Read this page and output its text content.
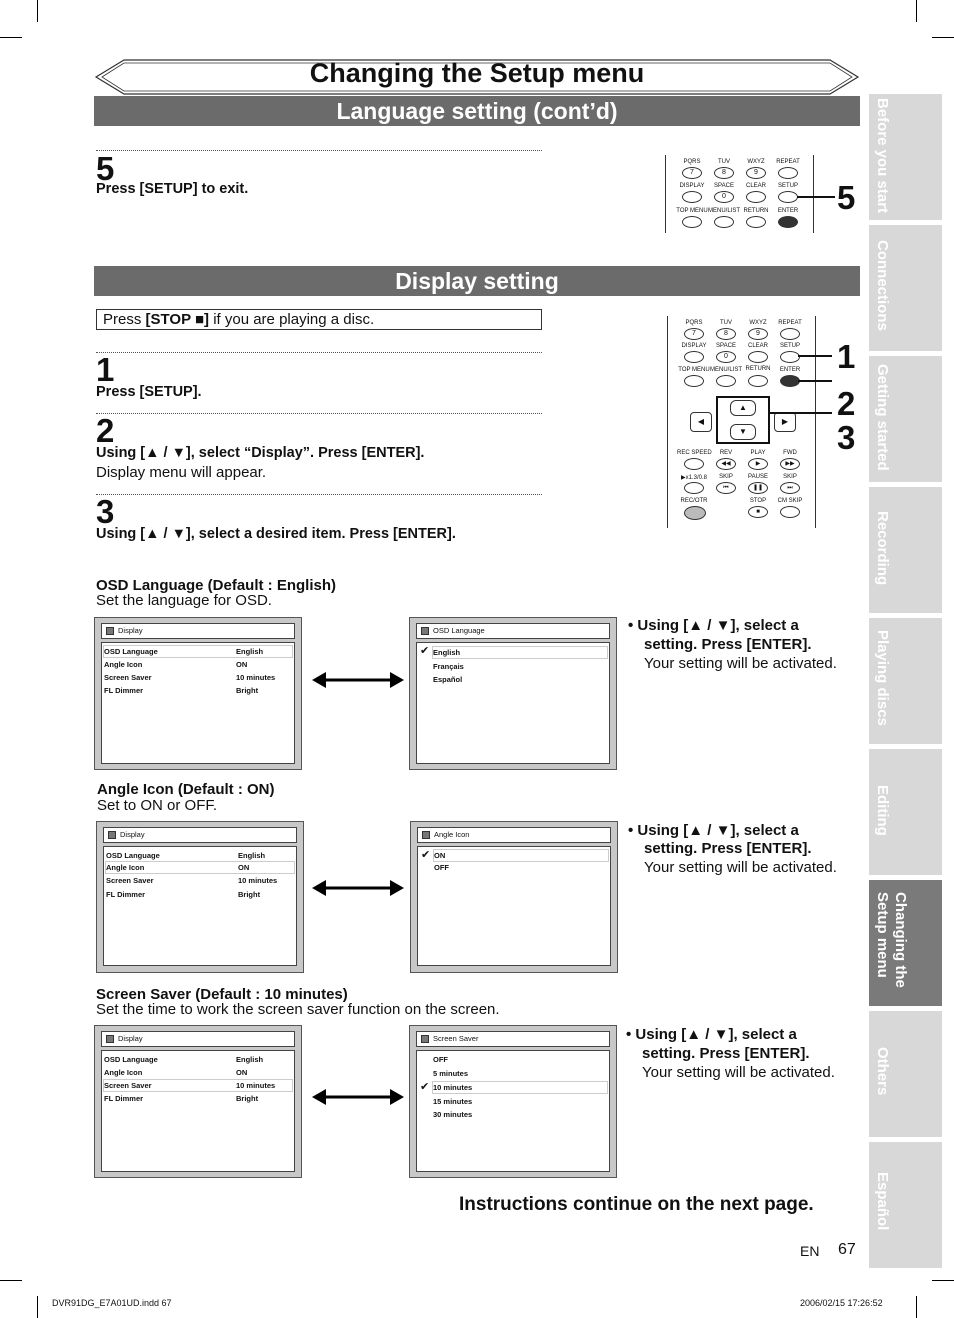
Changing the Setup menu
Language setting (cont’d)
5
Press [SETUP] to exit.
PQRS	TUV	WXYZ	REPEAT
7	8	9
DISPLAY	SPACE	CLEAR	SETUP
0
TOP MENU MENU/LIST RETURN	ENTER 5
Display setting
Press [STOP ■] if you are playing a disc.
1
Press [SETUP].
2
Using [▲ / ▼], select “Display”. Press [ENTER].
Display menu will appear.
3
Using [▲ / ▼], select a desired item. Press [ENTER].
PQRS	TUV	WXYZ	REPEAT
7	8	9
DISPLAY	SPACE	CLEAR	SETUP
0
TOP MENU MENU/LIST RETURN	ENTER
◀
▲
▼
▶
REC SPEED	REV	PLAY	FWD
◀◀	▶	▶▶
▶x1.3/0.8	SKIP	PAUSE	SKIP
⏮	❚❚	⏭
REC/OTR	STOP	CM SKIP
■
1
2
3
OSD Language (Default : English)
Set the language for OSD.
Display
OSD Language	English
Angle Icon	ON
Screen Saver	10 minutes
FL Dimmer	Bright
OSD Language
✔ English
Français
Español
• Using [▲ / ▼], select a
setting. Press [ENTER].
Your setting will be activated.
Angle Icon (Default : ON)
Set to ON or OFF.
Display
OSD Language	English
Angle Icon	ON
Screen Saver	10 minutes
FL Dimmer	Bright
Angle Icon
✔ ON
OFF
• Using [▲ / ▼], select a
setting. Press [ENTER].
Your setting will be activated.
Screen Saver (Default : 10 minutes)
Set the time to work the screen saver function on the screen.
Display
OSD Language	English
Angle Icon	ON
Screen Saver	10 minutes
FL Dimmer	Bright
Screen Saver
OFF
5 minutes
✔ 10 minutes
15 minutes
30 minutes
• Using [▲ / ▼], select a
setting. Press [ENTER].
Your setting will be activated.
Instructions continue on the next page.
EN 67
DVR91DG_E7A01UD.indd 67	2006/02/15 17:26:52
Before you start
Connections
Getting started
Recording
Playing discs
Editing
Changing the
Setup menu
Others
Español
